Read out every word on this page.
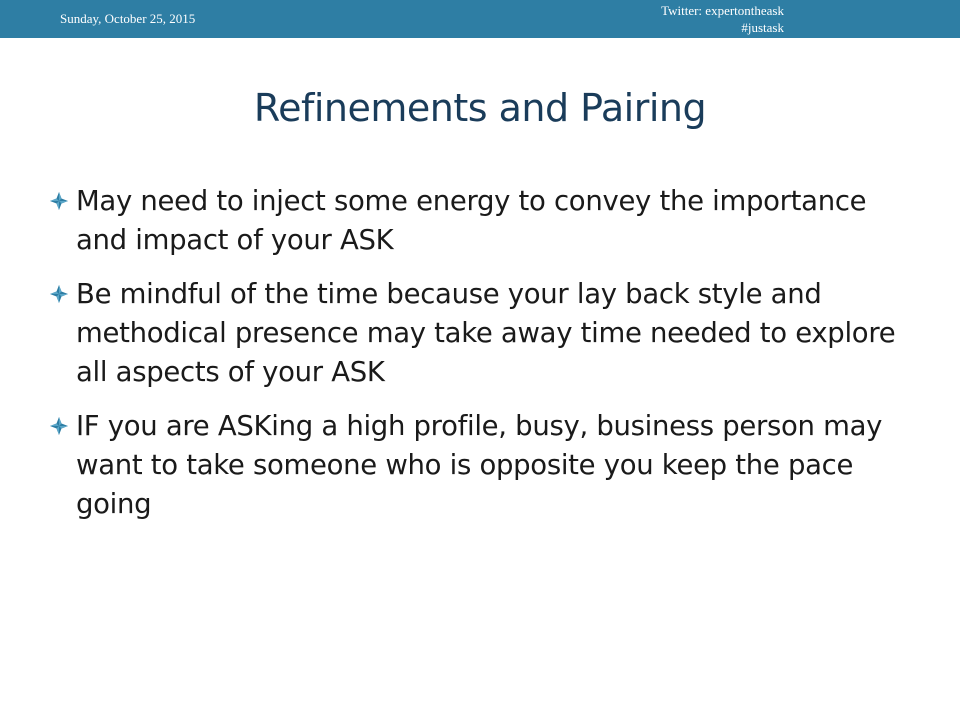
Sunday, October 25, 2015
Twitter: expertontheask
#justask
Refinements and Pairing
May need to inject some energy to convey the importance and impact of your ASK
Be mindful of the time because your lay back style and methodical presence may take away time needed to explore all aspects of your ASK
IF you are ASKing a high profile, busy, business person may want to take someone who is opposite you keep the pace going
